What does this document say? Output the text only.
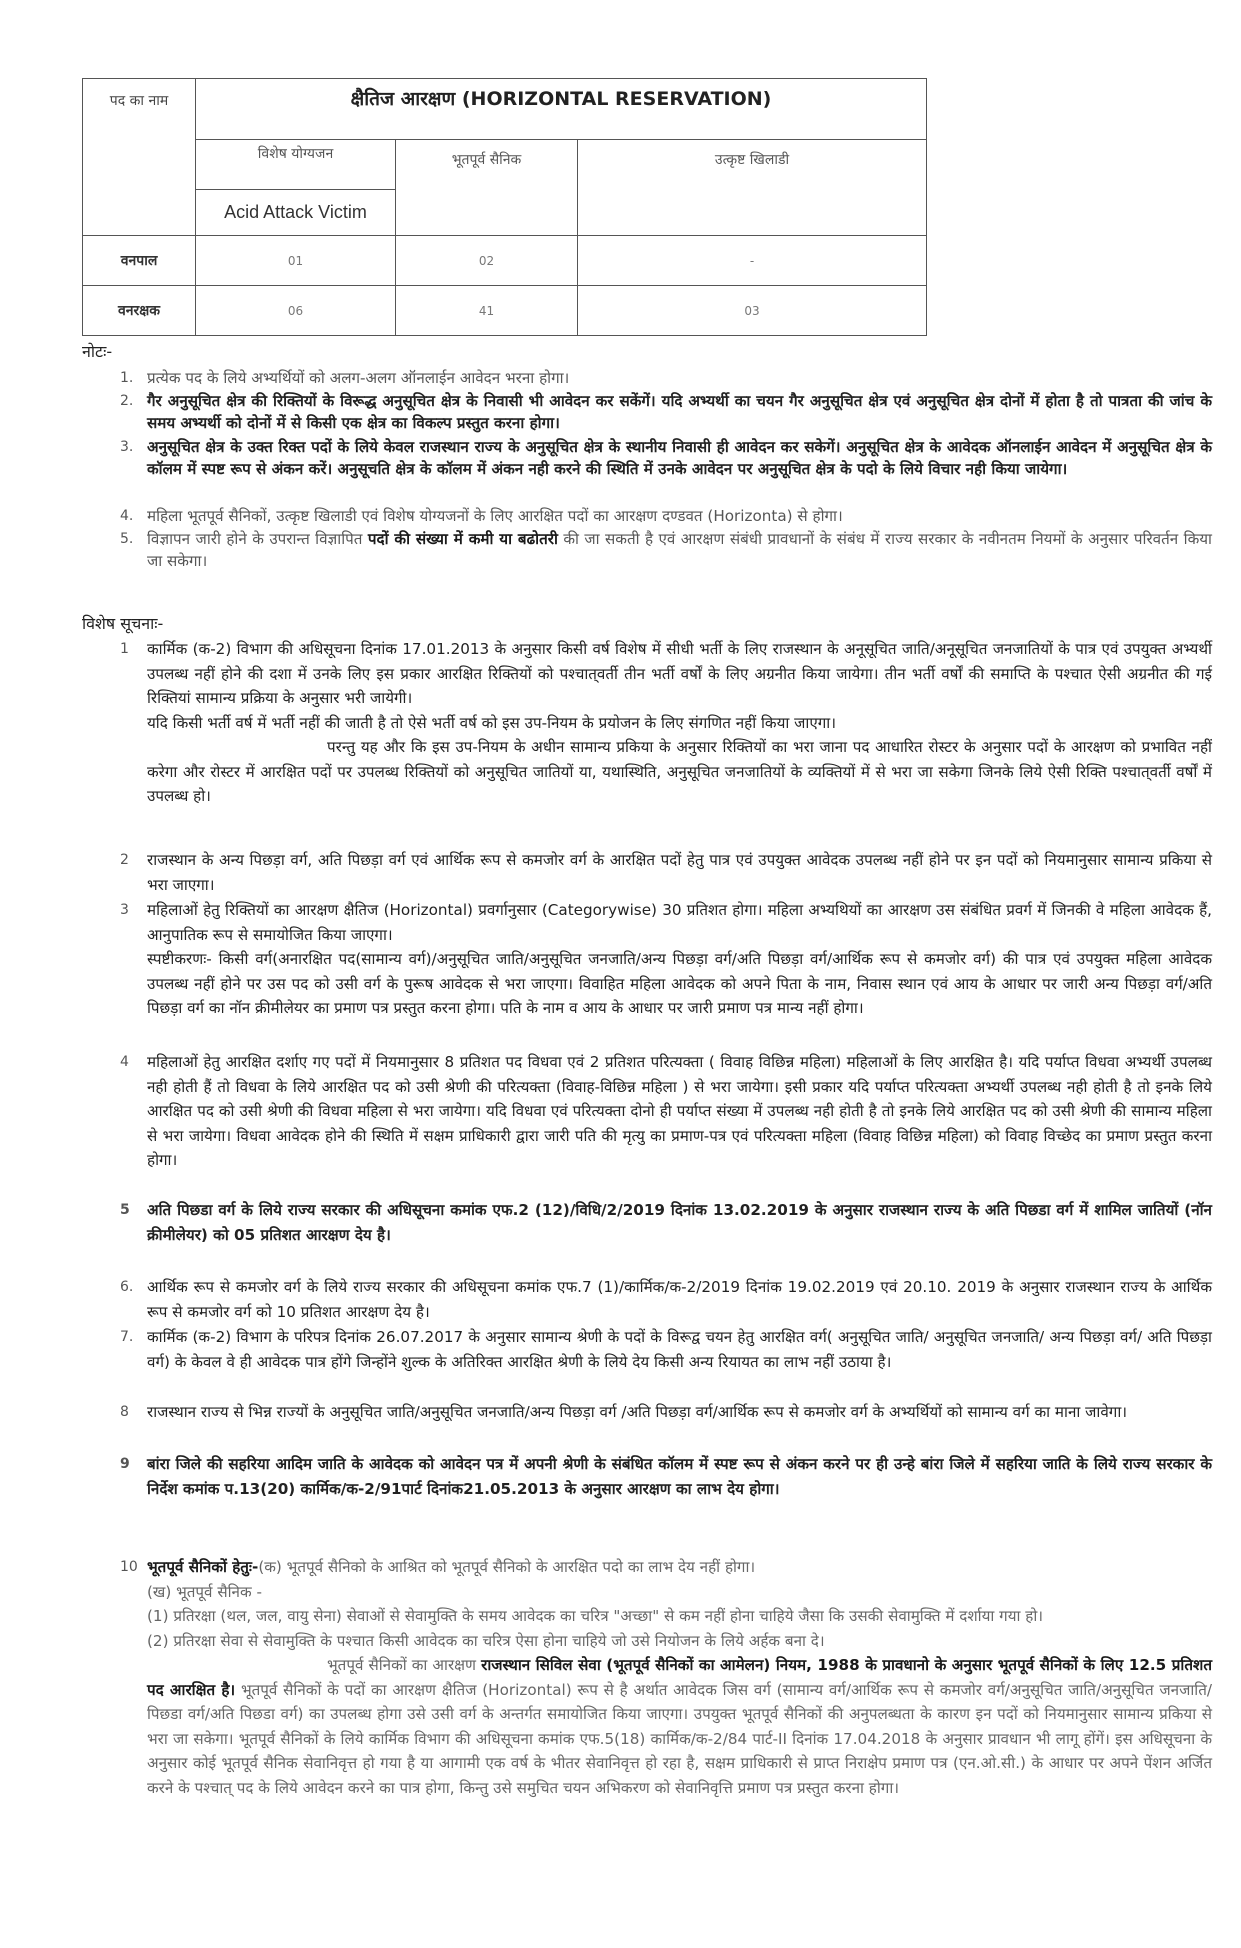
पद का नाम	क्षैतिज आरक्षण (HORIZONTAL RESERVATION)		
	विशेष योग्यजन	भूतपूर्व सैनिक	उत्कृष्ट खिलाडी
	Acid Attack Victim		
वनपाल	01	02	-
वनरक्षक	06	41	03
नोटः-
1. प्रत्येक पद के लिये अभ्यर्थियों को अलग-अलग ऑनलाईन आवेदन भरना होगा।
2. गैर अनुसूचित क्षेत्र की रिक्तियों के विरूद्ध अनुसूचित क्षेत्र के निवासी भी आवेदन कर सकेंगें। यदि अभ्यर्थी का चयन गैर अनुसूचित क्षेत्र एवं अनुसूचित क्षेत्र दोनों में होता है तो पात्रता की जांच के समय अभ्यर्थी को दोनों में से किसी एक क्षेत्र का विकल्प प्रस्तुत करना होगा।
3. अनुसूचित क्षेत्र के उक्त रिक्त पदों के लिये केवल राजस्थान राज्य के अनुसूचित क्षेत्र के स्थानीय निवासी ही आवेदन कर सकेगें। अनुसूचित क्षेत्र के आवेदक ऑनलाईन आवेदन में अनुसूचित क्षेत्र के कॉलम में स्पष्ट रूप से अंकन करें। अनुसूचति क्षेत्र के कॉलम में अंकन नही करने की स्थिति में उनके आवेदन पर अनुसूचित क्षेत्र के पदो के लिये विचार नही किया जायेगा।
4. महिला भूतपूर्व सैनिकों, उत्कृष्ट खिलाडी एवं विशेष योग्यजनों के लिए आरक्षित पदों का आरक्षण दण्डवत (Horizonta) से होगा।
5. विज्ञापन जारी होने के उपरान्त विज्ञापित पदों की संख्या में कमी या बढोतरी की जा सकती है एवं आरक्षण संबंधी प्रावधानों के संबंध में राज्य सरकार के नवीनतम नियमों के अनुसार परिवर्तन किया जा सकेगा।
विशेष सूचनाः-
1 कार्मिक (क-2) विभाग की अधिसूचना दिनांक 17.01.2013 के अनुसार किसी वर्ष विशेष में सीधी भर्ती के लिए राजस्थान के अनूसूचित जाति/अनूसूचित जनजातियों के पात्र एवं उपयुक्त अभ्यर्थी उपलब्ध नहीं होने की दशा में उनके लिए इस प्रकार आरक्षित रिक्तियों को पश्चात्‌वर्ती तीन भर्ती वर्षों के लिए अग्रनीत किया जायेगा। तीन भर्ती वर्षों की समाप्ति के पश्चात ऐसी अग्रनीत की गई रिक्तियां सामान्य प्रक्रिया के अनुसार भरी जायेगी।
यदि किसी भर्ती वर्ष में भर्ती नहीं की जाती है तो ऐसे भर्ती वर्ष को इस उप-नियम के प्रयोजन के लिए संगणित नहीं किया जाएगा।
परन्तु यह और कि इस उप-नियम के अधीन सामान्य प्रकिया के अनुसार रिक्तियों का भरा जाना पद आधारित रोस्टर के अनुसार पदों के आरक्षण को प्रभावित नहीं करेगा और रोस्टर में आरक्षित पदों पर उपलब्ध रिक्तियों को अनुसूचित जातियों या, यथास्थिति, अनुसूचित जनजातियों के व्यक्तियों में से भरा जा सकेगा जिनके लिये ऐसी रिक्ति पश्चात्‌वर्ती वर्षों में उपलब्ध हो।
2 राजस्थान के अन्य पिछड़ा वर्ग, अति पिछड़ा वर्ग एवं आर्थिक रूप से कमजोर वर्ग के आरक्षित पदों हेतु पात्र एवं उपयुक्त आवेदक उपलब्ध नहीं होने पर इन पदों को नियमानुसार सामान्य प्रकिया से भरा जाएगा।
3 महिलाओं हेतु रिक्तियों का आरक्षण क्षैतिज (Horizontal) प्रवर्गानुसार (Categorywise) 30 प्रतिशत होगा। महिला अभ्यथियों का आरक्षण उस संबंधित प्रवर्ग में जिनकी वे महिला आवेदक हैं, आनुपातिक रूप से समायोजित किया जाएगा।
स्पष्टीकरणः- किसी वर्ग(अनारक्षित पद(सामान्य वर्ग)/अनुसूचित जाति/अनुसूचित जनजाति/अन्य पिछड़ा वर्ग/अति पिछड़ा वर्ग/आर्थिक रूप से कमजोर वर्ग) की पात्र एवं उपयुक्त महिला आवेदक उपलब्ध नहीं होने पर उस पद को उसी वर्ग के पुरूष आवेदक से भरा जाएगा। विवाहित महिला आवेदक को अपने पिता के नाम, निवास स्थान एवं आय के आधार पर जारी अन्य पिछड़ा वर्ग/अति पिछड़ा वर्ग का नॉन क्रीमीलेयर का प्रमाण पत्र प्रस्तुत करना होगा। पति के नाम व आय के आधार पर जारी प्रमाण पत्र मान्य नहीं होगा।
4 महिलाओं हेतु आरक्षित दर्शाए गए पदों में नियमानुसार 8 प्रतिशत पद विधवा एवं 2 प्रतिशत परित्यक्ता ( विवाह विछिन्न महिला) महिलाओं के लिए आरक्षित है। यदि पर्याप्त विधवा अभ्यर्थी उपलब्ध नही होती हैं तो विधवा के लिये आरक्षित पद को उसी श्रेणी की परित्यक्ता (विवाह-विछिन्न महिला ) से भरा जायेगा। इसी प्रकार यदि पर्याप्त परित्यक्ता अभ्यर्थी उपलब्ध नही होती है तो इनके लिये आरक्षित पद को उसी श्रेणी की विधवा महिला से भरा जायेगा। यदि विधवा एवं परित्यक्ता दोनो ही पर्याप्त संख्या में उपलब्ध नही होती है तो इनके लिये आरक्षित पद को उसी श्रेणी की सामान्य महिला से भरा जायेगा। विधवा आवेदक होने की स्थिति में सक्षम प्राधिकारी द्वारा जारी पति की मृत्यु का प्रमाण-पत्र एवं परित्यक्ता महिला (विवाह विछिन्न महिला) को विवाह विच्छेद का प्रमाण प्रस्तुत करना होगा।
5 अति पिछडा वर्ग के लिये राज्य सरकार की अधिसूचना कमांक एफ.2 (12)/विधि/2/2019 दिनांक 13.02.2019 के अनुसार राजस्थान राज्य के अति पिछडा वर्ग में शामिल जातियों (नॉन क्रीमीलेयर) को 05 प्रतिशत आरक्षण देय है।
6. आर्थिक रूप से कमजोर वर्ग के लिये राज्य सरकार की अधिसूचना कमांक एफ.7 (1)/कार्मिक/क-2/2019 दिनांक 19.02.2019 एवं 20.10. 2019 के अनुसार राजस्थान राज्य के आर्थिक रूप से कमजोर वर्ग को 10 प्रतिशत आरक्षण देय है।
7. कार्मिक (क-2) विभाग के परिपत्र दिनांक 26.07.2017 के अनुसार सामान्य श्रेणी के पदों के विरूद्व चयन हेतु आरक्षित वर्ग( अनुसूचित जाति/ अनुसूचित जनजाति/ अन्य पिछड़ा वर्ग/ अति पिछड़ा वर्ग) के केवल वे ही आवेदक पात्र होंगे जिन्होंने शुल्क के अतिरिक्त आरक्षित श्रेणी के लिये देय किसी अन्य रियायत का लाभ नहीं उठाया है।
8 राजस्थान राज्य से भिन्न राज्यों के अनुसूचित जाति/अनुसूचित जनजाति/अन्य पिछड़ा वर्ग /अति पिछड़ा वर्ग/आर्थिक रूप से कमजोर वर्ग के अभ्यर्थियों को सामान्य वर्ग का माना जावेगा।
9 बांरा जिले की सहरिया आदिम जाति के आवेदक को आवेदन पत्र में अपनी श्रेणी के संबंधित कॉलम में स्पष्ट रूप से अंकन करने पर ही उन्हे बांरा जिले में सहरिया जाति के लिये राज्य सरकार के निर्देश कमांक प.13(20) कार्मिक/क-2/91पार्ट दिनांक21.05.2013 के अनुसार आरक्षण का लाभ देय होगा।
10 भूतपूर्व सैनिकों हेतुः-(क) भूतपूर्व सैनिको के आश्रित को भूतपूर्व सैनिको के आरक्षित पदो का लाभ देय नहीं होगा।
(ख) भूतपूर्व सैनिक -
(1) प्रतिरक्षा (थल, जल, वायु सेना) सेवाओं से सेवामुक्ति के समय आवेदक का चरित्र "अच्छा" से कम नहीं होना चाहिये जैसा कि उसकी सेवामुक्ति में दर्शाया गया हो।
(2) प्रतिरक्षा सेवा से सेवामुक्ति के पश्चात किसी आवेदक का चरित्र ऐसा होना चाहिये जो उसे नियोजन के लिये अर्हक बना दे।
भूतपूर्व सैनिकों का आरक्षण राजस्थान सिविल सेवा (भूतपूर्व सैनिकों का आमेलन) नियम, 1988 के प्रावधानो के अनुसार भूतपूर्व सैनिकों के लिए 12.5 प्रतिशत पद आरक्षित है। भूतपूर्व सैनिकों के पदों का आरक्षण क्षैतिज (Horizontal) रूप से है अर्थात आवेदक जिस वर्ग (सामान्य वर्ग/आर्थिक रूप से कमजोर वर्ग/अनुसूचित जाति/अनुसूचित जनजाति/पिछडा वर्ग/अति पिछडा वर्ग) का उपलब्ध होगा उसे उसी वर्ग के अन्तर्गत समायोजित किया जाएगा। उपयुक्त भूतपूर्व सैनिकों की अनुपलब्धता के कारण इन पदों को नियमानुसार सामान्य प्रकिया से भरा जा सकेगा। भूतपूर्व सैनिकों के लिये कार्मिक विभाग की अधिसूचना कमांक एफ.5(18) कार्मिक/क-2/84 पार्ट-II दिनांक 17.04.2018 के अनुसार प्रावधान भी लागू होंगें। इस अधिसूचना के अनुसार कोई भूतपूर्व सैनिक सेवानिवृत्त हो गया है या आगामी एक वर्ष के भीतर सेवानिवृत्त हो रहा है, सक्षम प्राधिकारी से प्राप्त निराक्षेप प्रमाण पत्र (एन.ओ.सी.) के आधार पर अपने पेंशन अर्जित करने के पश्चात् पद के लिये आवेदन करने का पात्र होगा, किन्तु उसे समुचित चयन अभिकरण को सेवानिवृत्ति प्रमाण पत्र प्रस्तुत करना होगा।
